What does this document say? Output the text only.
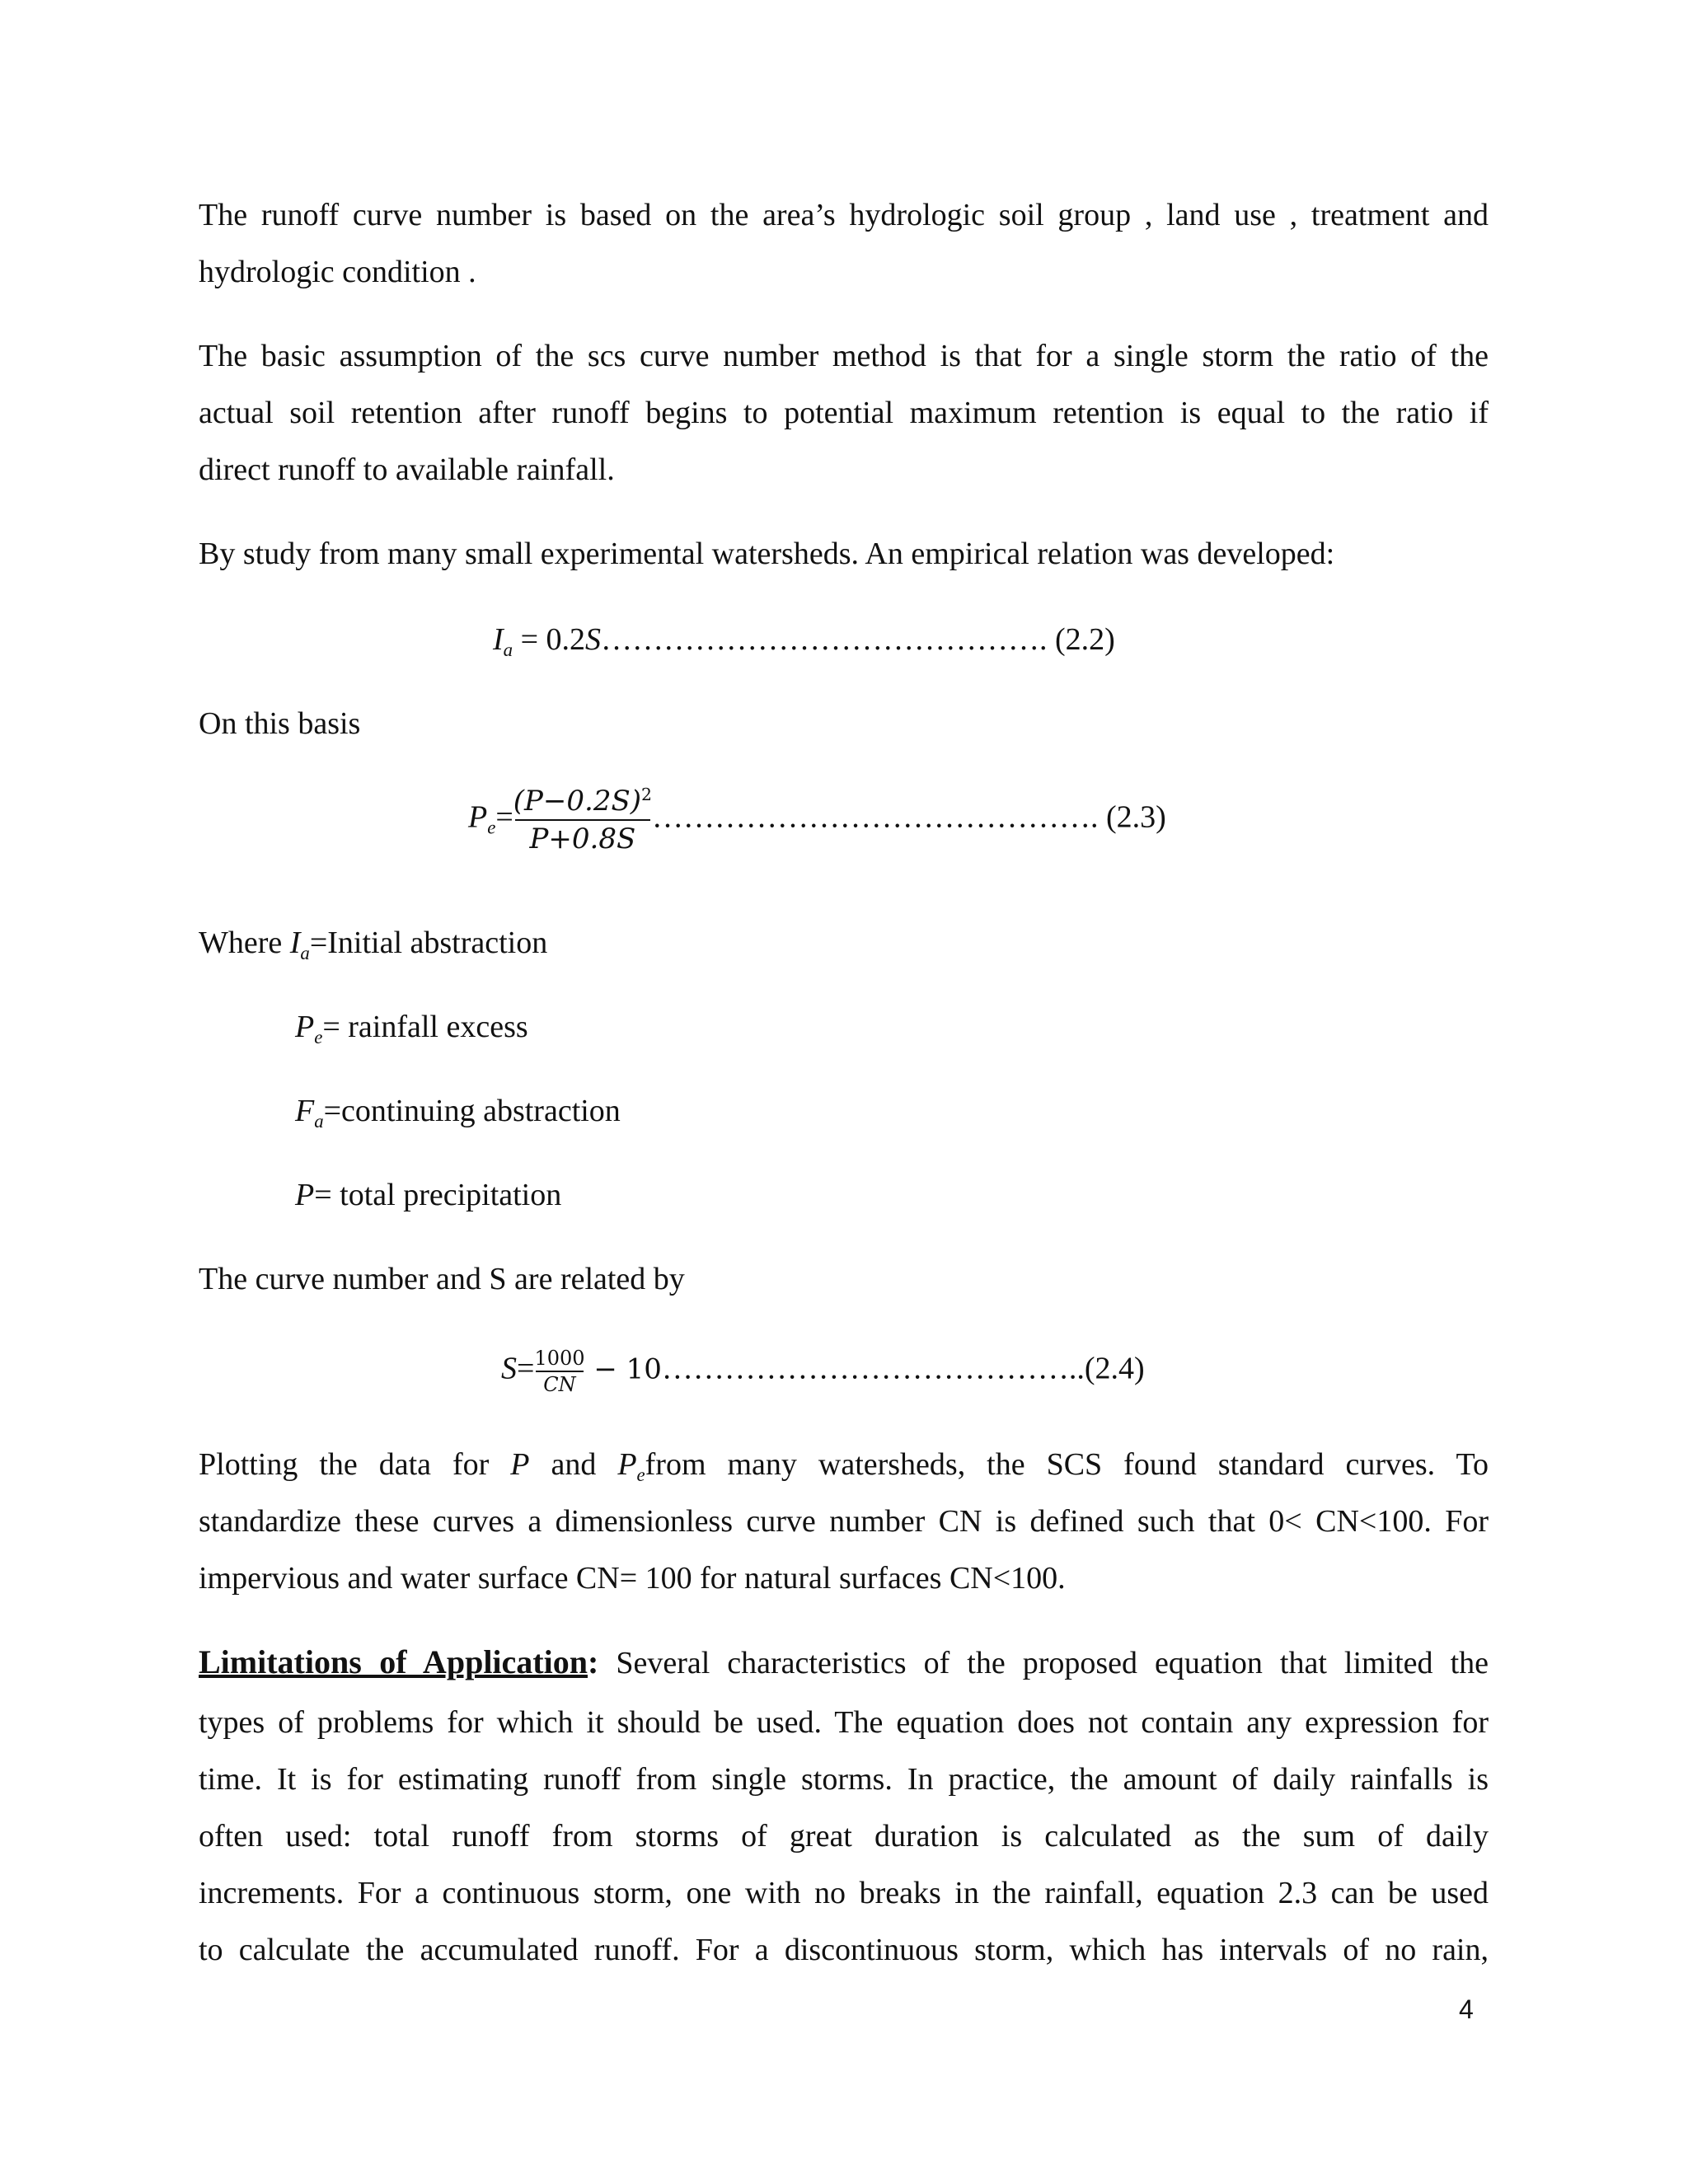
The runoff curve number is based on the area’s hydrologic soil group , land use , treatment and
hydrologic condition .
The basic assumption of the scs curve number method is that for a single storm the ratio of the
actual soil retention after runoff begins to potential maximum retention is equal to the ratio if
direct runoff to available rainfall.
By study from many small experimental watersheds. An empirical relation was developed:
$I_a$ = 0.2S……………………………………. (2.2)
On this basis
$P_e= \frac{(P-0.2S)^2}{P+0.8S}$ ……………………………………. (2.3)
Where $I_a=Initial$ abstraction
$P_e=$ rainfall excess
$F_a=continuing$ abstraction
P= total precipitation
The curve number and S are related by
$S= \frac{1000}{CN}$ − 10…………………………………..(2.4)
Plotting the data for P and $P_efrom$ many watersheds, the SCS found standard curves. To
standardize these curves a dimensionless curve number CN is defined such that 0< CN<100. For
impervious and water surface CN= 100 for natural surfaces CN<100.
Limitations of Application: Several characteristics of the proposed equation that limited the
types of problems for which it should be used. The equation does not contain any expression for
time. It is for estimating runoff from single storms. In practice, the amount of daily rainfalls is
often used: total runoff from storms of great duration is calculated as the sum of daily
increments. For a continuous storm, one with no breaks in the rainfall, equation 2.3 can be used
to calculate the accumulated runoff. For a discontinuous storm, which has intervals of no rain,
4
